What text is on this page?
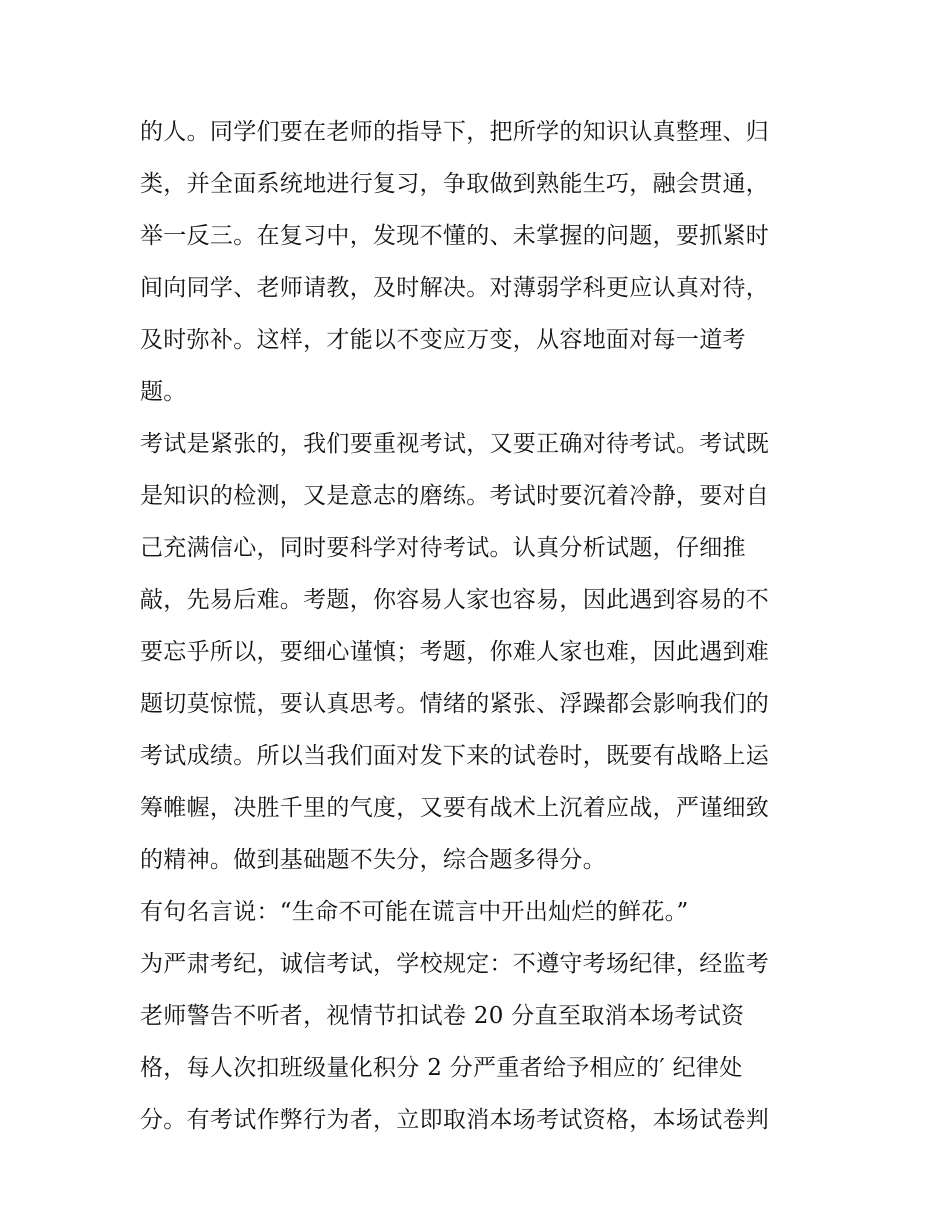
的人。同学们要在老师的指导下，把所学的知识认真整理、归
类，并全面系统地进行复习，争取做到熟能生巧，融会贯通，
举一反三。在复习中，发现不懂的、未掌握的问题，要抓紧时
间向同学、老师请教，及时解决。对薄弱学科更应认真对待，
及时弥补。这样，才能以不变应万变，从容地面对每一道考
题。
考试是紧张的，我们要重视考试，又要正确对待考试。考试既
是知识的检测，又是意志的磨练。考试时要沉着冷静，要对自
己充满信心，同时要科学对待考试。认真分析试题，仔细推
敲，先易后难。考题，你容易人家也容易，因此遇到容易的不
要忘乎所以，要细心谨慎；考题，你难人家也难，因此遇到难
题切莫惊慌，要认真思考。情绪的紧张、浮躁都会影响我们的
考试成绩。所以当我们面对发下来的试卷时，既要有战略上运
筹帷幄，决胜千里的气度，又要有战术上沉着应战，严谨细致
的精神。做到基础题不失分，综合题多得分。
有句名言说：“生命不可能在谎言中开出灿烂的鲜花。”
为严肃考纪，诚信考试，学校规定：不遵守考场纪律，经监考
老师警告不听者，视情节扣试卷 20 分直至取消本场考试资
格，每人次扣班级量化积分 2 分严重者给予相应的′ 纪律处
分。有考试作弊行为者，立即取消本场考试资格，本场试卷判
